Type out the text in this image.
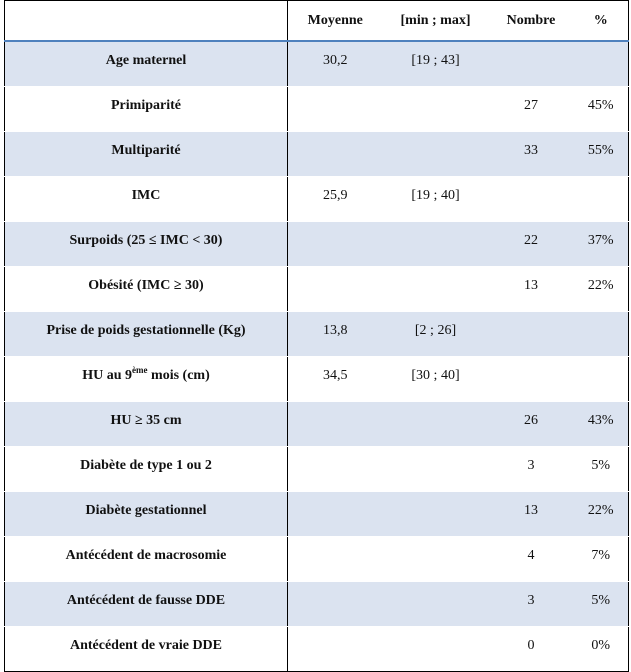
	Moyenne	[min ; max]	Nombre	%
Age maternel	30,2	[19 ; 43]		
Primiparité			27	45%
Multiparité			33	55%
IMC	25,9	[19 ; 40]		
Surpoids (25 ≤ IMC < 30)			22	37%
Obésité (IMC ≥ 30)			13	22%
Prise de poids gestationnelle (Kg)	13,8	[2 ; 26]		
HU au 9ème mois (cm)	34,5	[30 ; 40]		
HU ≥ 35 cm			26	43%
Diabète de type 1 ou 2			3	5%
Diabète gestationnel			13	22%
Antécédent de macrosomie			4	7%
Antécédent de fausse DDE			3	5%
Antécédent de vraie DDE			0	0%
